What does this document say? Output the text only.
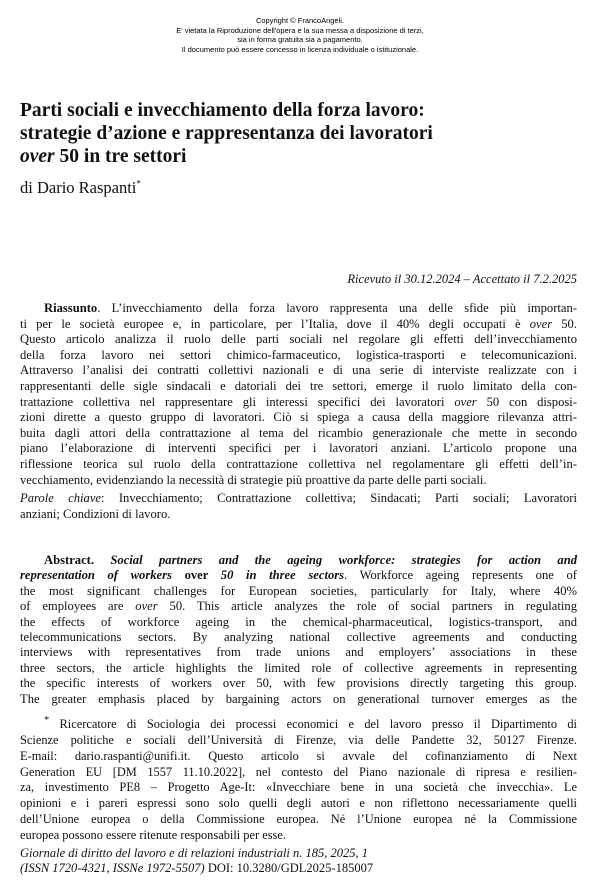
Copyright © FrancoAngeli.
E' vietata la Riproduzione dell'opera e la sua messa a disposizione di terzi,
sia in forma gratuita sia a pagamento.
Il documento può essere concesso in licenza individuale o istituzionale.
Parti sociali e invecchiamento della forza lavoro:
strategie d’azione e rappresentanza dei lavoratori
over 50 in tre settori
di Dario Raspanti*
Ricevuto il 30.12.2024 – Accettato il 7.2.2025
Riassunto. L’invecchiamento della forza lavoro rappresenta una delle sfide più importan-
ti per le società europee e, in particolare, per l’Italia, dove il 40% degli occupati è over 50.
Questo articolo analizza il ruolo delle parti sociali nel regolare gli effetti dell’invecchiamento
della forza lavoro nei settori chimico-farmaceutico, logistica-trasporti e telecomunicazioni.
Attraverso l’analisi dei contratti collettivi nazionali e di una serie di interviste realizzate con i
rappresentanti delle sigle sindacali e datoriali dei tre settori, emerge il ruolo limitato della con-
trattazione collettiva nel rappresentare gli interessi specifici dei lavoratori over 50 con disposi-
zioni dirette a questo gruppo di lavoratori. Ciò si spiega a causa della maggiore rilevanza attri-
buita dagli attori della contrattazione al tema del ricambio generazionale che mette in secondo
piano l’elaborazione di interventi specifici per i lavoratori anziani. L’articolo propone una
riflessione teorica sul ruolo della contrattazione collettiva nel regolamentare gli effetti dell’in-
vecchiamento, evidenziando la necessità di strategie più proattive da parte delle parti sociali.
Parole chiave: Invecchiamento; Contrattazione collettiva; Sindacati; Parti sociali; Lavoratori
anziani; Condizioni di lavoro.
Abstract. Social partners and the ageing workforce: strategies for action and
representation of workers over 50 in three sectors. Workforce ageing represents one of
the most significant challenges for European societies, particularly for Italy, where 40%
of employees are over 50. This article analyzes the role of social partners in regulating
the effects of workforce ageing in the chemical-pharmaceutical, logistics-transport, and
telecommunications sectors. By analyzing national collective agreements and conducting
interviews with representatives from trade unions and employers’ associations in these
three sectors, the article highlights the limited role of collective agreements in representing
the specific interests of workers over 50, with few provisions directly targeting this group.
The greater emphasis placed by bargaining actors on generational turnover emerges as the
* Ricercatore di Sociologia dei processi economici e del lavoro presso il Dipartimento di
Scienze politiche e sociali dell’Università di Firenze, via delle Pandette 32, 50127 Firenze.
E-mail: dario.raspanti@unifi.it. Questo articolo si avvale del cofinanziamento di Next
Generation EU [DM 1557 11.10.2022], nel contesto del Piano nazionale di ripresa e resilien-
za, investimento PE8 – Progetto Age-It: «Invecchiare bene in una società che invecchia». Le
opinioni e i pareri espressi sono solo quelli degli autori e non riflettono necessariamente quelli
dell’Unione europea o della Commissione europea. Né l’Unione europea né la Commissione
europea possono essere ritenute responsabili per esse.
Giornale di diritto del lavoro e di relazioni industriali n. 185, 2025, 1
(ISSN 1720-4321, ISSNe 1972-5507) DOI: 10.3280/GDL2025-185007
